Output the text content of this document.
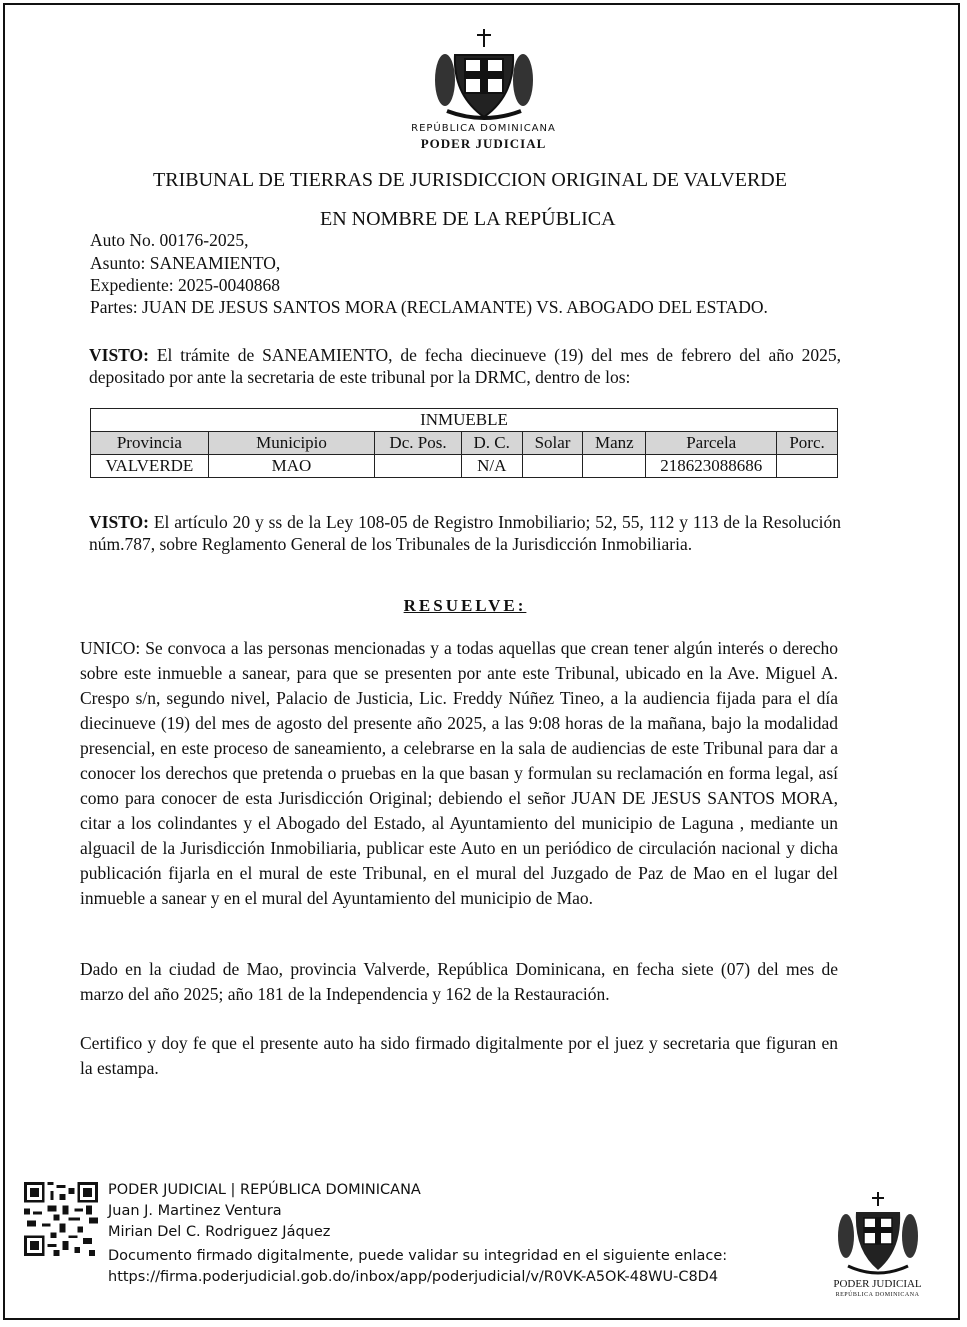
REPÚBLICA DOMINICANA
PODER JUDICIAL
TRIBUNAL DE TIERRAS DE JURISDICCION ORIGINAL DE VALVERDE
EN NOMBRE DE LA REPÚBLICA
Auto No. 00176-2025,
Asunto: SANEAMIENTO,
Expediente: 2025-0040868
Partes: JUAN DE JESUS SANTOS MORA (RECLAMANTE) VS. ABOGADO DEL ESTADO.
VISTO: El trámite de SANEAMIENTO, de fecha diecinueve (19) del mes de febrero del año 2025, depositado por ante la secretaria de este tribunal por la DRMC, dentro de los:
INMUEBLE							
Provincia	Municipio	Dc. Pos.	D. C.	Solar	Manz	Parcela	Porc.
VALVERDE	MAO		N/A			218623088686	
VISTO: El artículo 20 y ss de la Ley 108-05 de Registro Inmobiliario; 52, 55, 112 y 113 de la Resolución núm.787, sobre Reglamento General de los Tribunales de la Jurisdicción Inmobiliaria.
RESUELVE:
UNICO: Se convoca a las personas mencionadas y a todas aquellas que crean tener algún interés o derecho sobre este inmueble a sanear, para que se presenten por ante este Tribunal, ubicado en la Ave. Miguel A. Crespo s/n, segundo nivel, Palacio de Justicia, Lic. Freddy Núñez Tineo, a la audiencia fijada para el día diecinueve (19) del mes de agosto del presente año 2025, a las 9:08 horas de la mañana, bajo la modalidad presencial, en este proceso de saneamiento, a celebrarse en la sala de audiencias de este Tribunal para dar a conocer los derechos que pretenda o pruebas en la que basan y formulan su reclamación en forma legal, así como para conocer de esta Jurisdicción Original; debiendo el señor JUAN DE JESUS SANTOS MORA, citar a los colindantes y el Abogado del Estado, al Ayuntamiento del municipio de Laguna , mediante un alguacil de la Jurisdicción Inmobiliaria, publicar este Auto en un periódico de circulación nacional y dicha publicación fijarla en el mural de este Tribunal, en el mural del Juzgado de Paz de Mao en el lugar del inmueble a sanear y en el mural del Ayuntamiento del municipio de Mao.
Dado en la ciudad de Mao, provincia Valverde, República Dominicana, en fecha siete (07) del mes de marzo del año 2025; año 181 de la Independencia y 162 de la Restauración.
Certifico y doy fe que el presente auto ha sido firmado digitalmente por el juez y secretaria que figuran en la estampa.
PODER JUDICIAL | REPÚBLICA DOMINICANA
Juan J. Martinez Ventura
Mirian Del C. Rodriguez Jáquez
Documento firmado digitalmente, puede validar su integridad en el siguiente enlace:
https://firma.poderjudicial.gob.do/inbox/app/poderjudicial/v/R0VK-A5OK-48WU-C8D4	PODER JUDICIAL
REPÚBLICA DOMINICANA
